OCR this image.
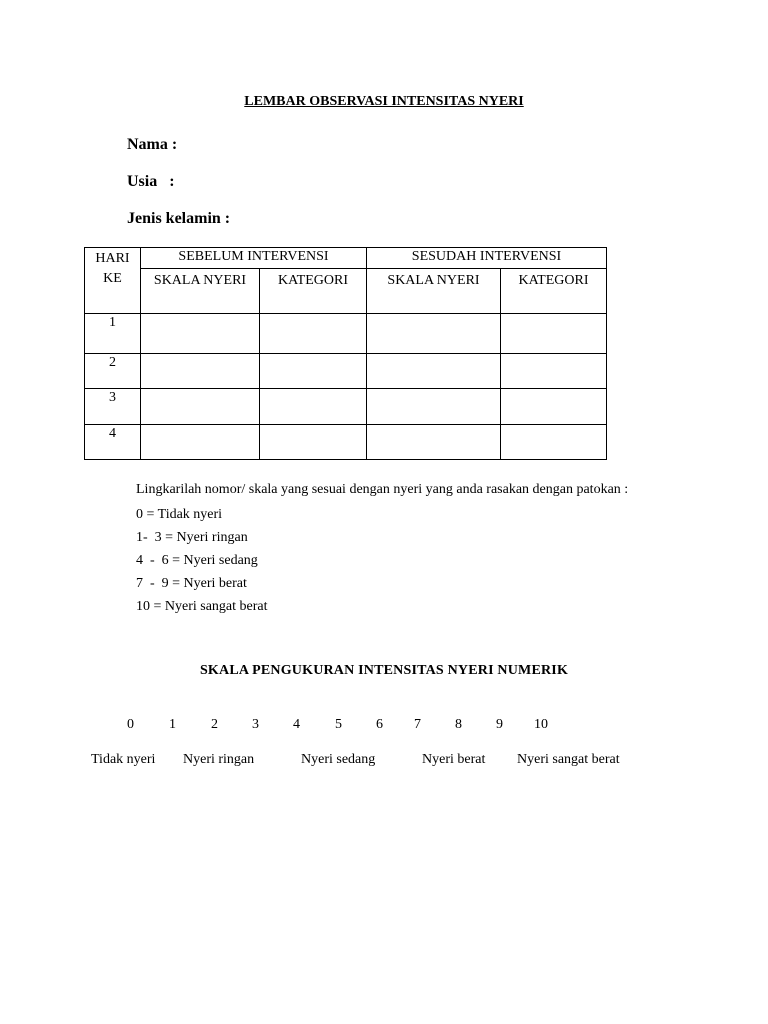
LEMBAR OBSERVASI INTENSITAS NYERI
Nama :
Usia   :
Jenis kelamin :
HARI KE	SEBELUM INTERVENSI		SESUDAH INTERVENSI	

	SKALA NYERI	KATEGORI	SKALA NYERI	KATEGORI

1				

2				

3				

4				

Lingkarilah nomor/ skala yang sesuai dengan nyeri yang anda rasakan dengan patokan :
0 = Tidak nyeri
1-  3 = Nyeri ringan
4  -  6 = Nyeri sedang
7  -  9 = Nyeri berat
10 = Nyeri sangat berat
SKALA PENGUKURAN INTENSITAS NYERI NUMERIK
0	1	2 3 4	5 6 7 8 9 10
Tidak nyeri Nyeri ringan	Nyeri sedang	Nyeri berat Nyeri sangat berat
